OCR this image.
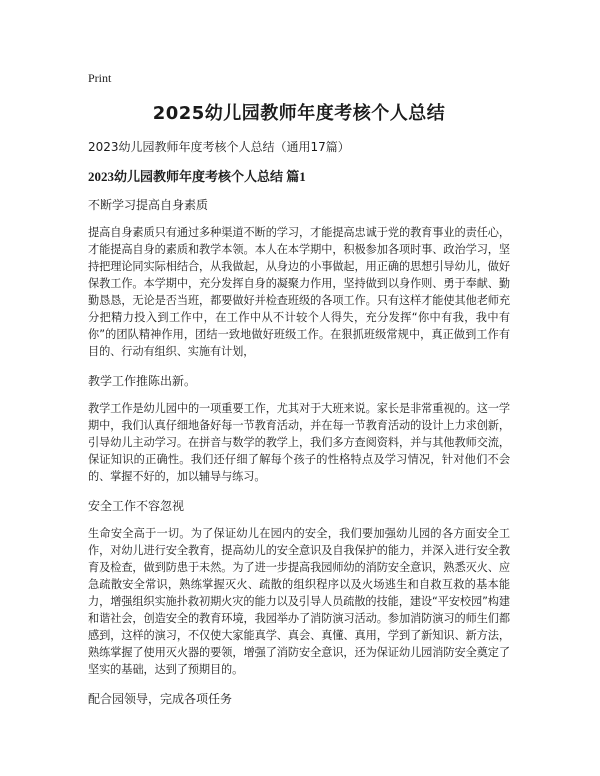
Print
2025幼儿园教师年度考核个人总结
2023幼儿园教师年度考核个人总结（通用17篇）
2023幼儿园教师年度考核个人总结 篇1
不断学习提高自身素质

提高自身素质只有通过多种渠道不断的学习，才能提高忠诚于党的教育事业的责任心，才能提高自身的素质和教学本领。本人在本学期中，积极参加各项时事、政治学习，坚持把理论同实际相结合，从我做起，从身边的小事做起，用正确的思想引导幼儿，做好保教工作。本学期中，充分发挥自身的凝聚力作用，坚持做到以身作则、勇于奉献、勤勤恳恳，无论是否当班，都要做好并检查班级的各项工作。只有这样才能使其他老师充分把精力投入到工作中，在工作中从不计较个人得失，充分发挥“你中有我，我中有你”的团队精神作用，团结一致地做好班级工作。在狠抓班级常规中，真正做到工作有目的、行动有组织、实施有计划，

教学工作推陈出新。

教学工作是幼儿园中的一项重要工作，尤其对于大班来说。家长是非常重视的。这一学期中，我们认真仔细地备好每一节教育活动，并在每一节教育活动的设计上力求创新，引导幼儿主动学习。在拼音与数学的教学上，我们多方查阅资料，并与其他教师交流，保证知识的正确性。我们还仔细了解每个孩子的性格特点及学习情况，针对他们不会的、掌握不好的，加以辅导与练习。

安全工作不容忽视

生命安全高于一切。为了保证幼儿在园内的安全，我们要加强幼儿园的各方面安全工作，对幼儿进行安全教育，提高幼儿的安全意识及自我保护的能力，并深入进行安全教育及检查，做到防患于未然。为了进一步提高我园师幼的消防安全意识，熟悉灭火、应急疏散安全常识，熟练掌握灭火、疏散的组织程序以及火场逃生和自救互救的基本能力，增强组织实施扑救初期火灾的能力以及引导人员疏散的技能，建设“平安校园”构建和谐社会，创造安全的教育环境，我园举办了消防演习活动。参加消防演习的师生们都感到，这样的演习，不仅使大家能真学、真会、真懂、真用，学到了新知识、新方法，熟练掌握了使用灭火器的要领，增强了消防安全意识，还为保证幼儿园消防安全奠定了坚实的基础，达到了预期目的。

配合园领导，完成各项任务
